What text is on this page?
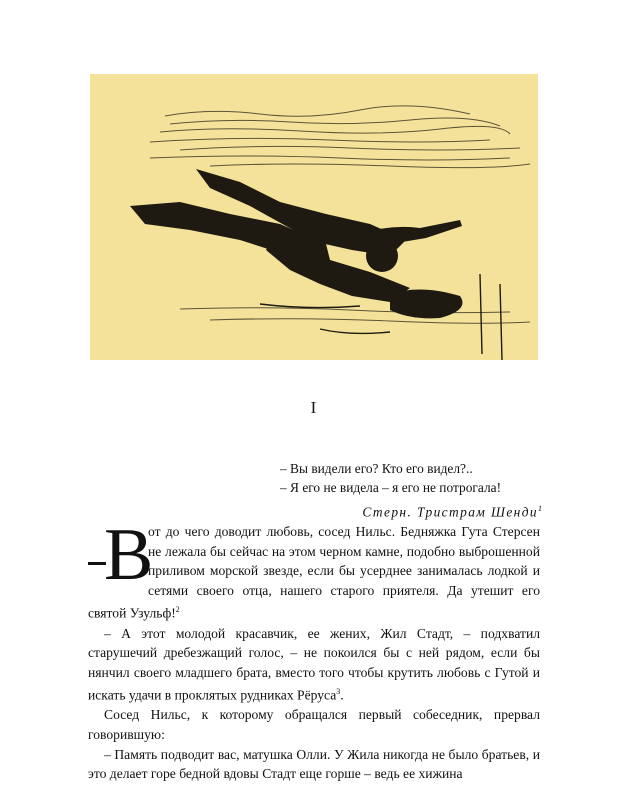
I
– Вы видели его? Кто его видел?..
– Я его не видела – я его не потрогала!
Стерн. Тристрам Шенди$^1$

В
от до чего доводит любовь, сосед Нильс. Бедняжка Гута Стерсен не лежала бы сейчас на этом черном камне, подобно выброшенной приливом морской звезде, если бы усерднее занималась лодкой и сетями своего отца, нашего старого приятеля. Да утешит его святой Узульф!$^2$

– А этот молодой красавчик, ее жених, Жил Стадт, – подхватил старушечий дребезжащий голос, – не покоился бы с ней рядом, если бы нянчил своего младшего брата, вместо того чтобы крутить любовь с Гутой и искать удачи в проклятых рудниках Рёруса$^3$.

Сосед Нильс, к которому обращался первый собеседник, прервал говорившую:

– Память подводит вас, матушка Олли. У Жила никогда не было братьев, и это делает горе бедной вдовы Стадт еще горше – ведь ее хижина
